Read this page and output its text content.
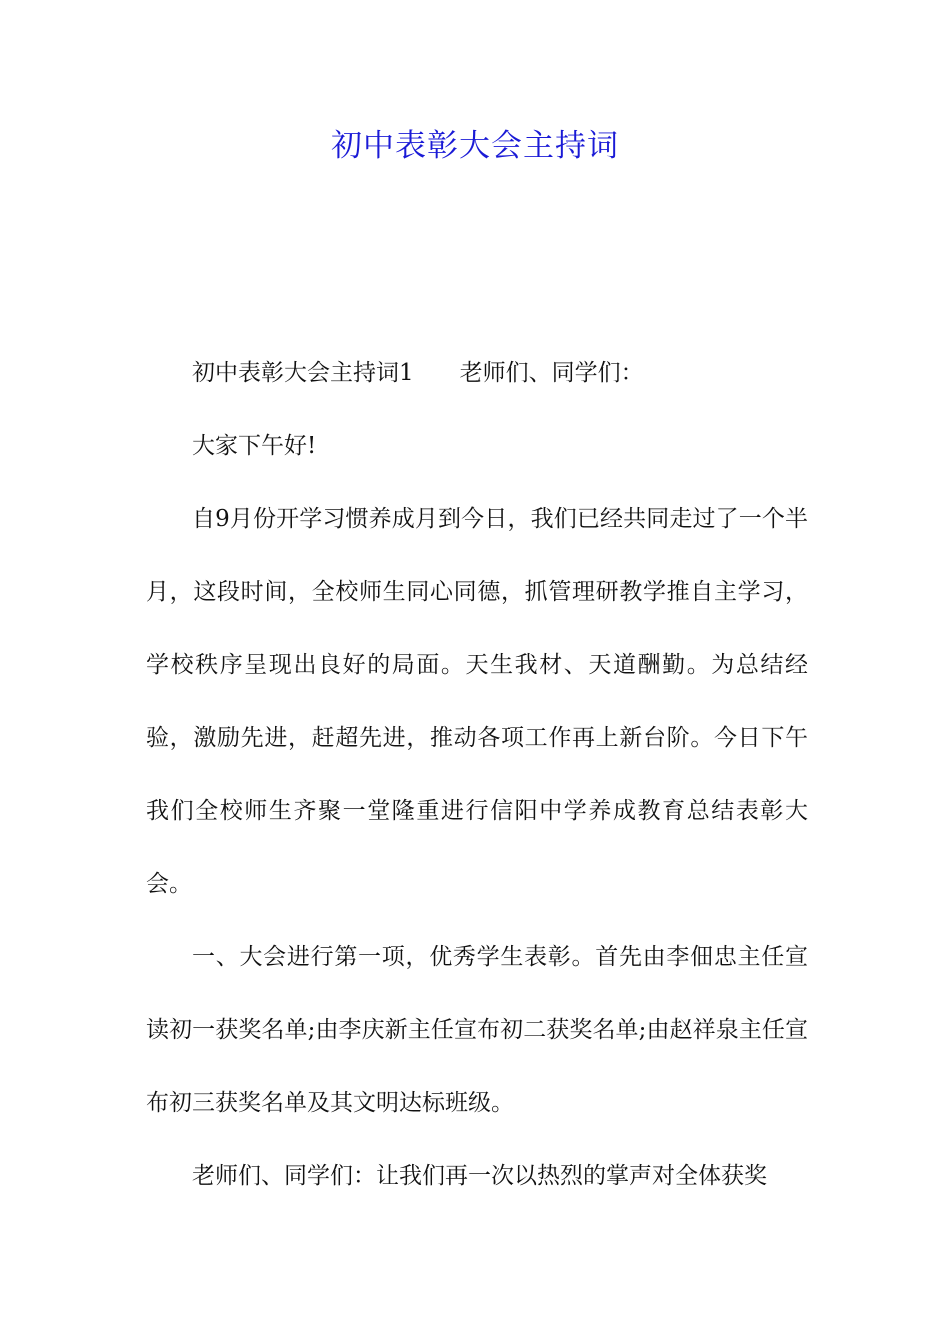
初中表彰大会主持词

初中表彰大会主持词1 老师们、同学们：

大家下午好!

自9月份开学习惯养成月到今日，我们已经共同走过了一个半月，这段时间，全校师生同心同德，抓管理研教学推自主学习，学校秩序呈现出良好的局面。天生我材、天道酬勤。为总结经验，激励先进，赶超先进，推动各项工作再上新台阶。今日下午我们全校师生齐聚一堂隆重进行信阳中学养成教育总结表彰大会。

一、大会进行第一项，优秀学生表彰。首先由李佃忠主任宣读初一获奖名单;由李庆新主任宣布初二获奖名单;由赵祥泉主任宣布初三获奖名单及其文明达标班级。

老师们、同学们：让我们再一次以热烈的掌声对全体获奖
